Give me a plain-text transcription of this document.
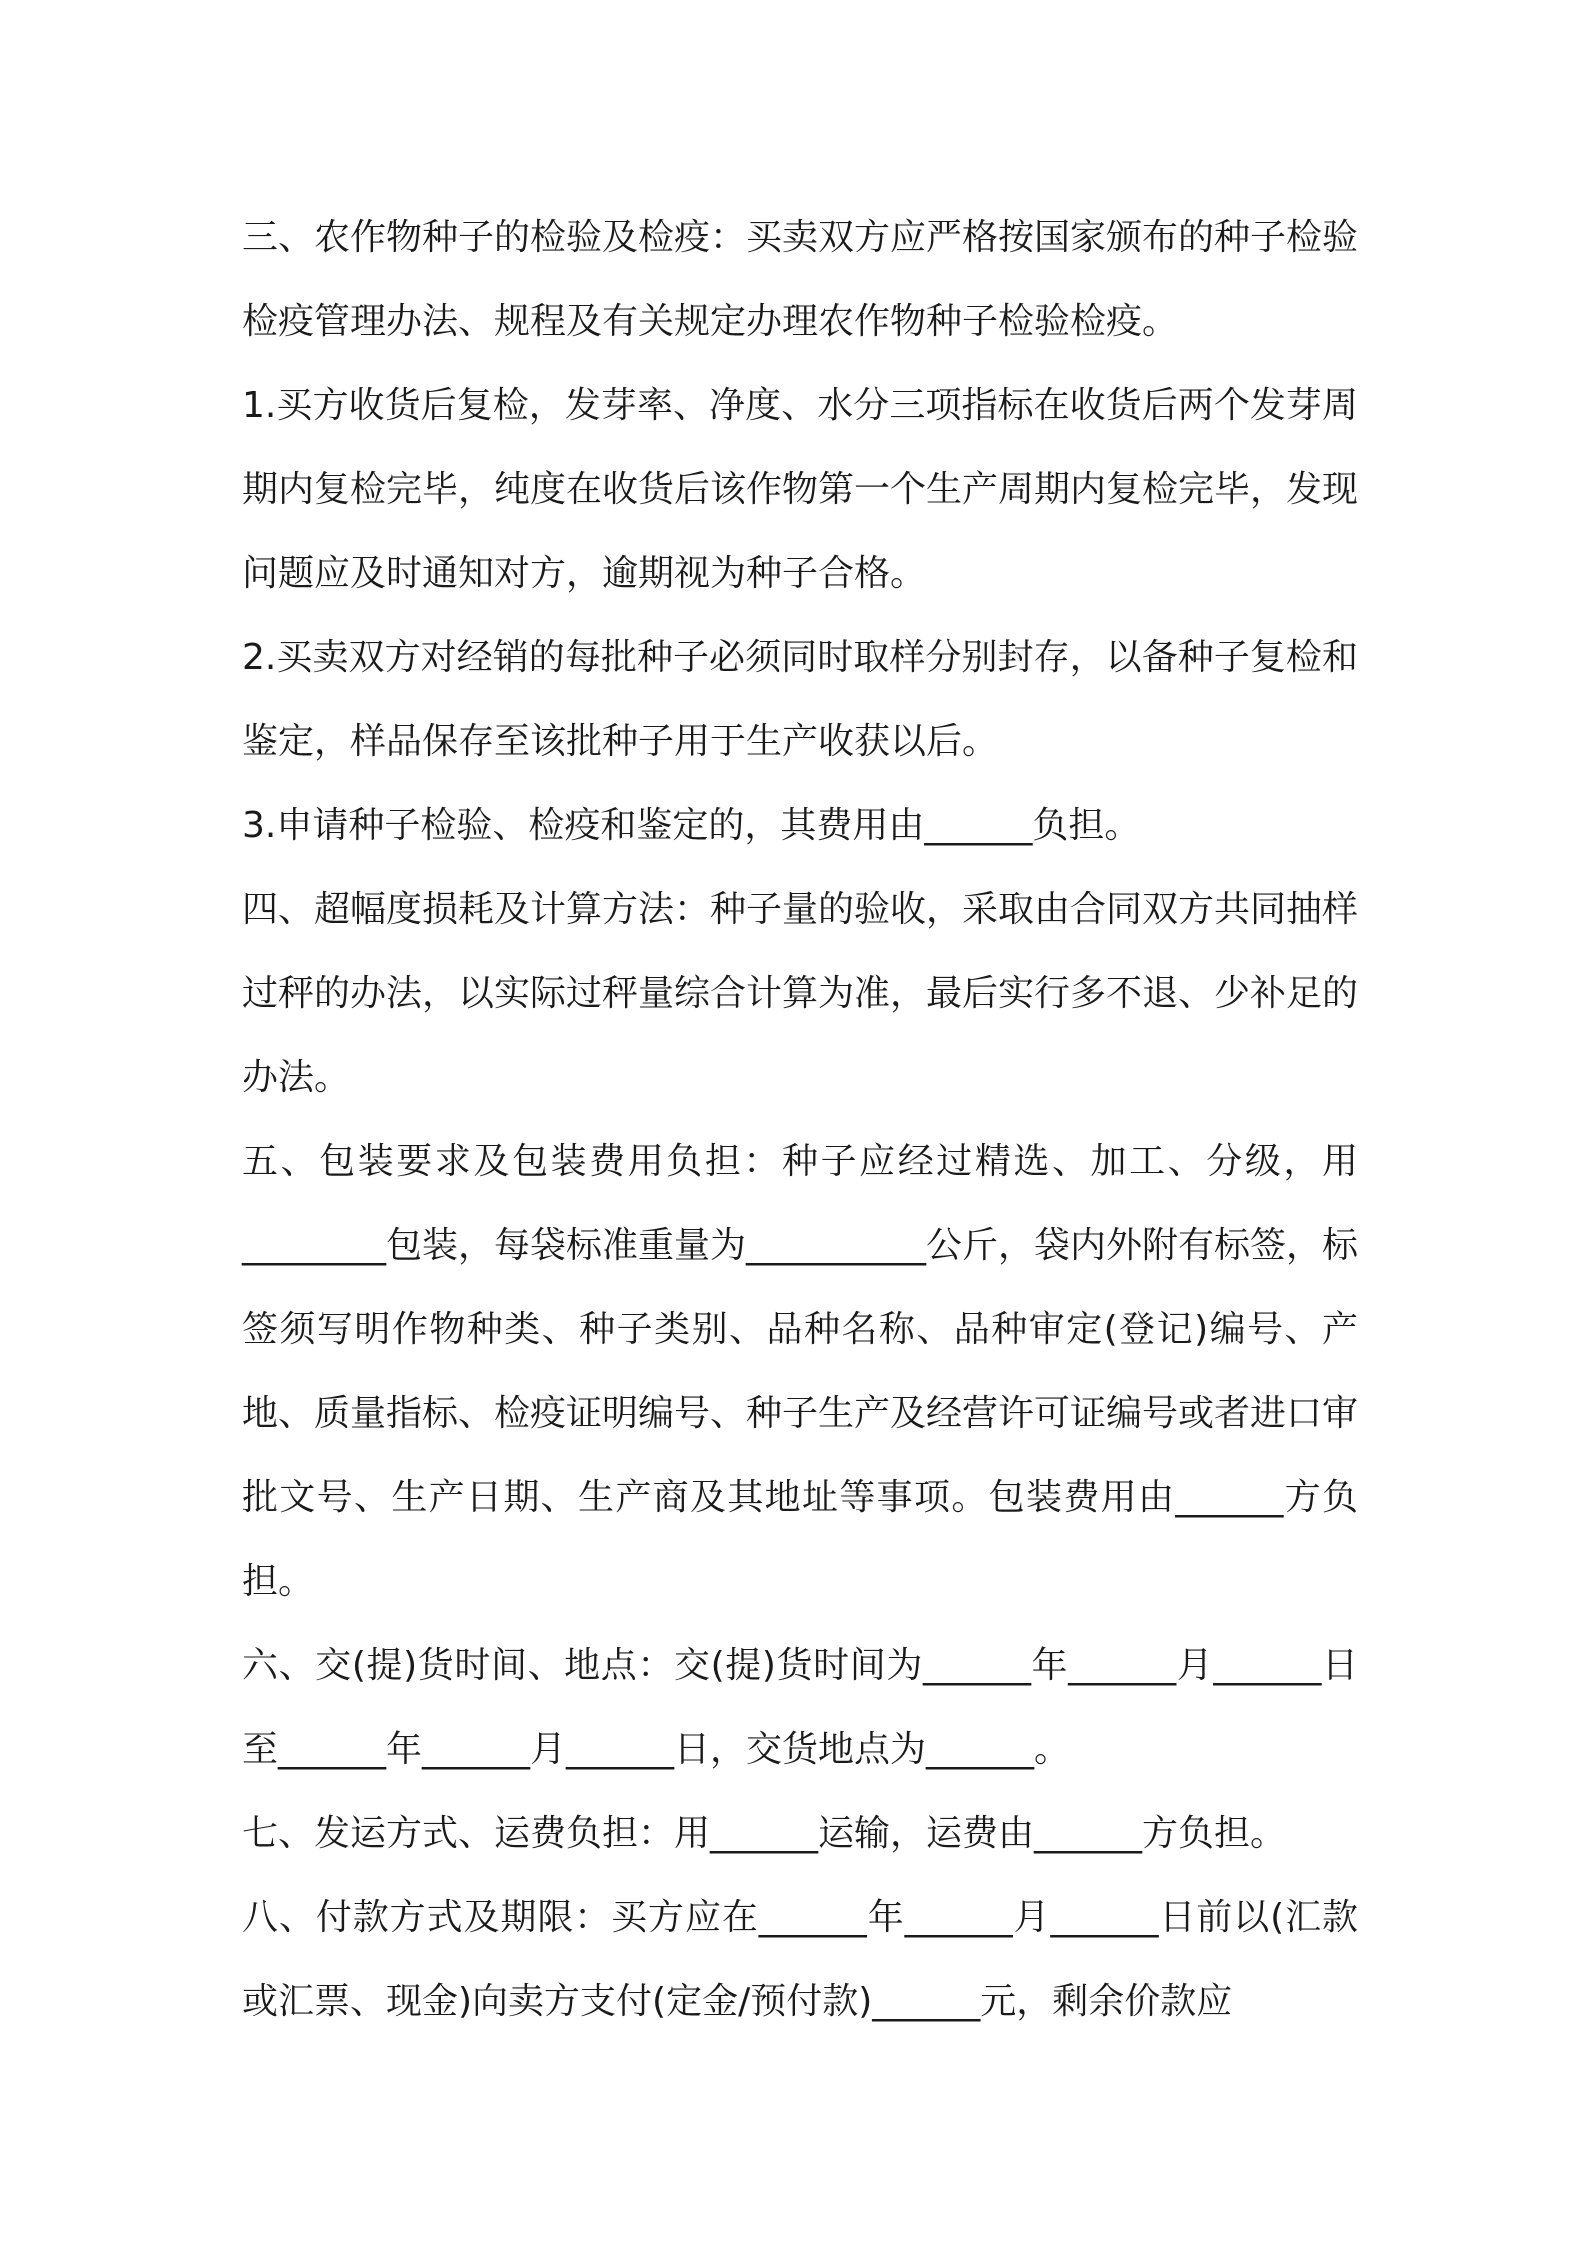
三、农作物种子的检验及检疫：买卖双方应严格按国家颁布的种子检验检疫管理办法、规程及有关规定办理农作物种子检验检疫。

1.买方收货后复检，发芽率、净度、水分三项指标在收货后两个发芽周期内复检完毕，纯度在收货后该作物第一个生产周期内复检完毕，发现问题应及时通知对方，逾期视为种子合格。

2.买卖双方对经销的每批种子必须同时取样分别封存，以备种子复检和鉴定，样品保存至该批种子用于生产收获以后。

3.申请种子检验、检疫和鉴定的，其费用由______负担。

四、超幅度损耗及计算方法：种子量的验收，采取由合同双方共同抽样过秤的办法，以实际过秤量综合计算为准，最后实行多不退、少补足的办法。

五、包装要求及包装费用负担：种子应经过精选、加工、分级，用________包装，每袋标准重量为__________公斤，袋内外附有标签，标签须写明作物种类、种子类别、品种名称、品种审定(登记)编号、产地、质量指标、检疫证明编号、种子生产及经营许可证编号或者进口审批文号、生产日期、生产商及其地址等事项。包装费用由______方负担。

六、交(提)货时间、地点：交(提)货时间为______年______月______日至______年______月______日，交货地点为______。

七、发运方式、运费负担：用______运输，运费由______方负担。

八、付款方式及期限：买方应在______年______月______日前以(汇款或汇票、现金)向卖方支付(定金/预付款)______元，剩余价款应
